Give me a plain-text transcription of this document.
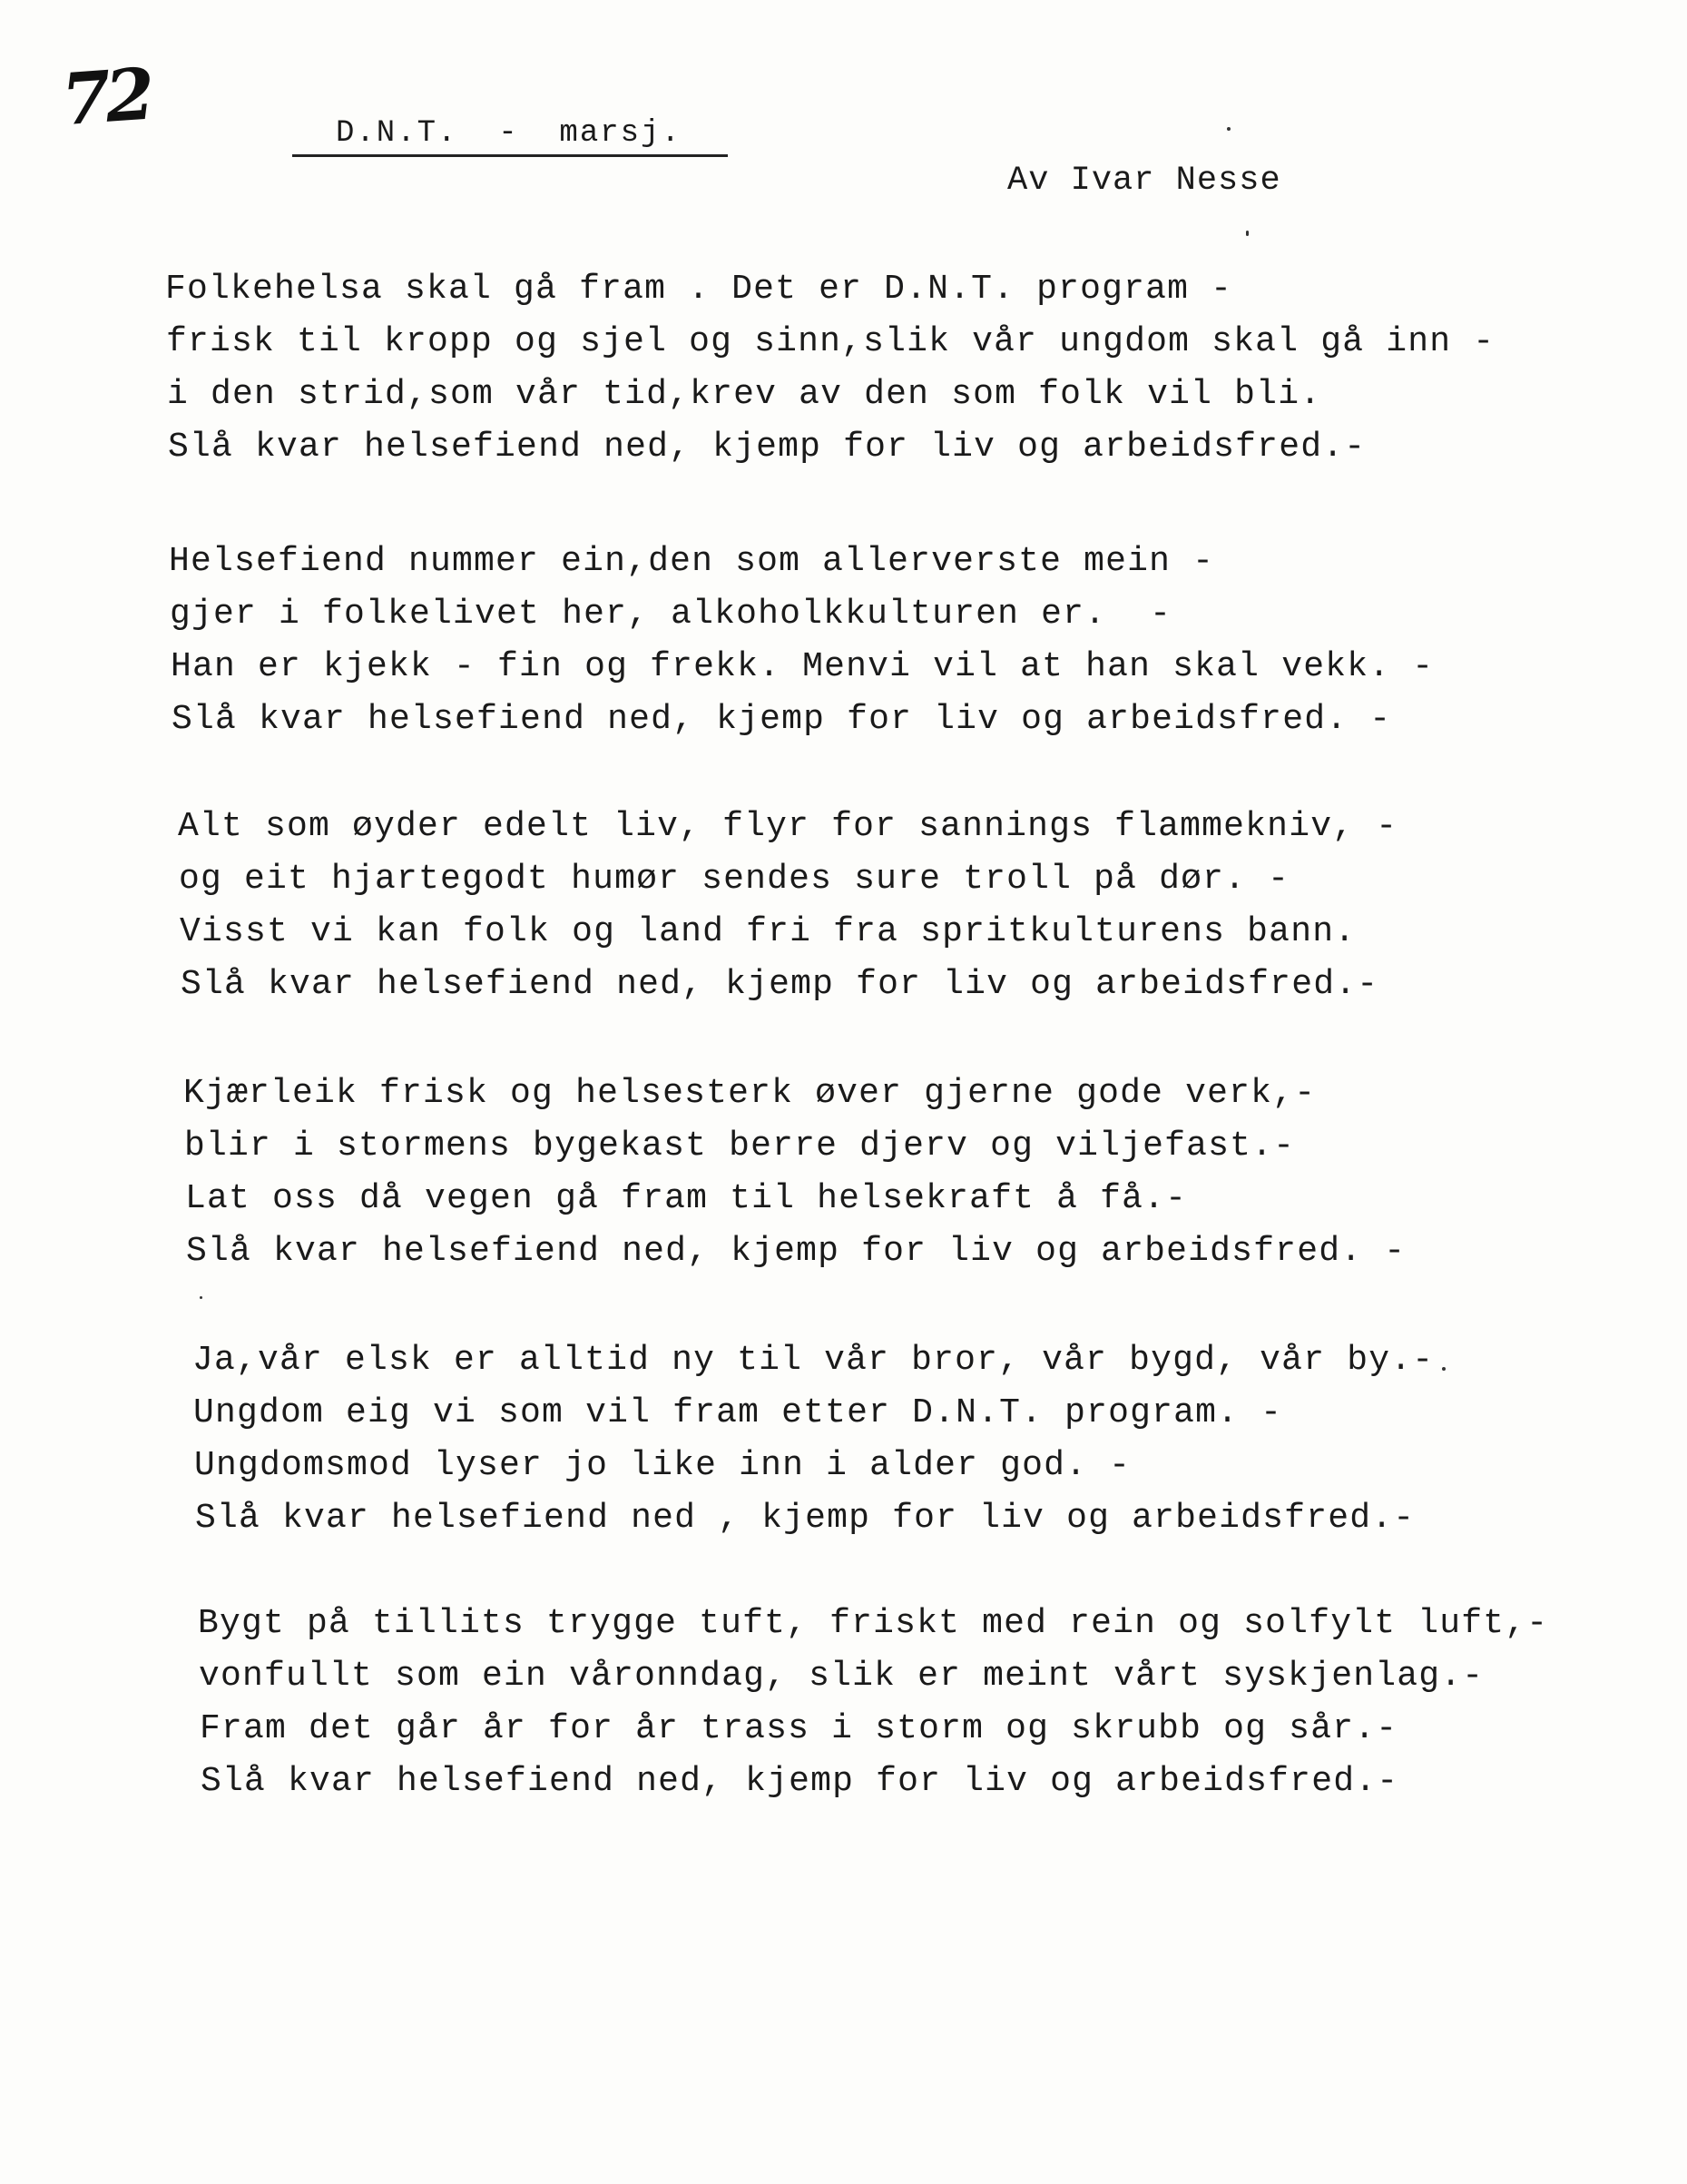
72	D.N.T.  -  marsj.
Av Ivar Nesse
Folkehelsa skal gå fram . Det er D.N.T. program -
frisk til kropp og sjel og sinn,slik vår ungdom skal gå inn -
i den strid,som vår tid,krev av den som folk vil bli.
Slå kvar helsefiend ned, kjemp for liv og arbeidsfred.-
Helsefiend nummer ein,den som allerverste mein -
gjer i folkelivet her, alkoholkkulturen er.  -
Han er kjekk - fin og frekk. Menvi vil at han skal vekk. -
Slå kvar helsefiend ned, kjemp for liv og arbeidsfred. -
Alt som øyder edelt liv, flyr for sannings flammekniv, -
og eit hjartegodt humør sendes sure troll på dør. -
Visst vi kan folk og land fri fra spritkulturens bann.
Slå kvar helsefiend ned, kjemp for liv og arbeidsfred.-
Kjærleik frisk og helsesterk øver gjerne gode verk,-
blir i stormens bygekast berre djerv og viljefast.-
Lat oss då vegen gå fram til helsekraft å få.-
Slå kvar helsefiend ned, kjemp for liv og arbeidsfred. -
Ja,vår elsk er alltid ny til vår bror, vår bygd, vår by.-
Ungdom eig vi som vil fram etter D.N.T. program. -
Ungdomsmod lyser jo like inn i alder god. -
Slå kvar helsefiend ned , kjemp for liv og arbeidsfred.-
Bygt på tillits trygge tuft, friskt med rein og solfylt luft,-
vonfullt som ein våronndag, slik er meint vårt syskjenlag.-
Fram det går år for år trass i storm og skrubb og sår.-
Slå kvar helsefiend ned, kjemp for liv og arbeidsfred.-
